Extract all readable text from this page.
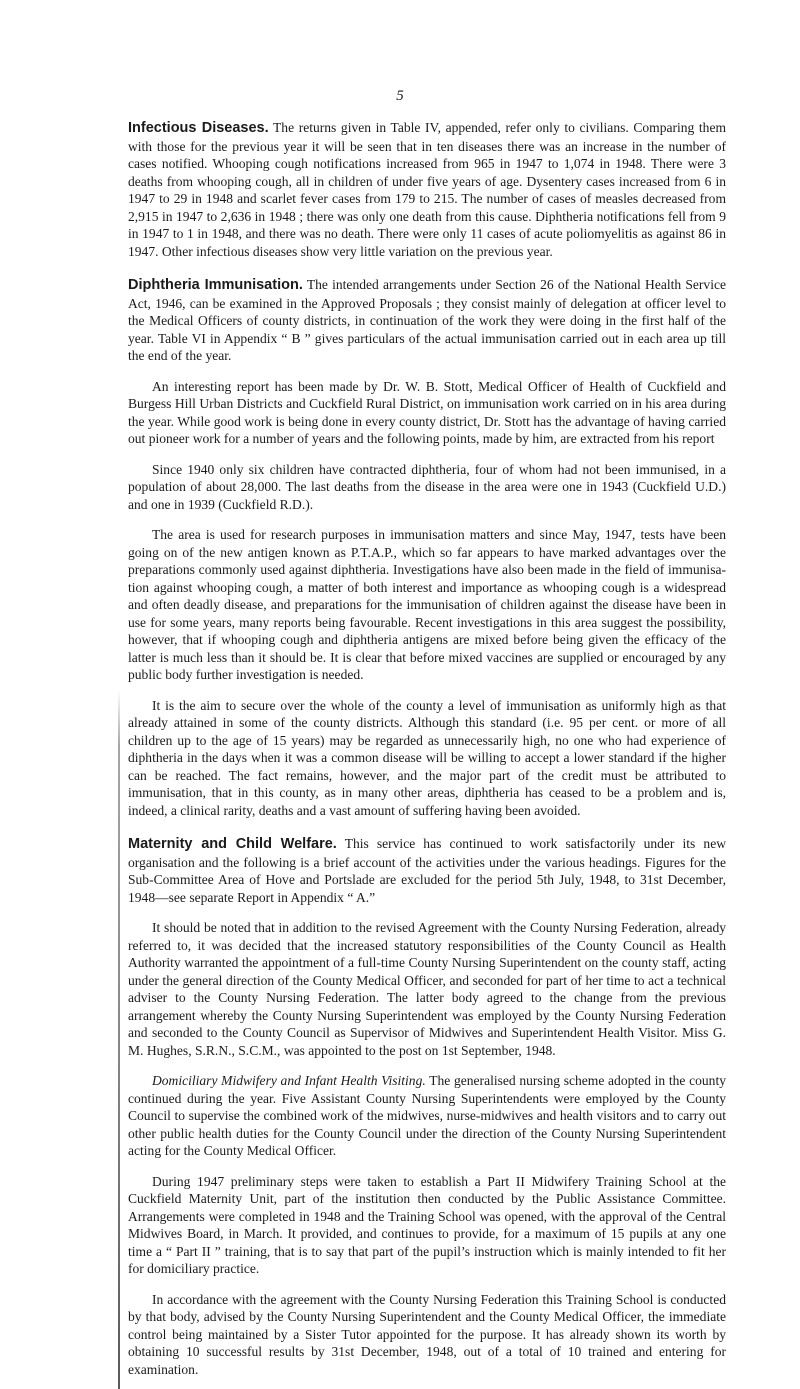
5

Infectious Diseases. The returns given in Table IV, appended, refer only to civilians. Comparing them with those for the previous year it will be seen that in ten diseases there was an increase in the number of cases notified. Whooping cough notifications increased from 965 in 1947 to 1,074 in 1948. There were 3 deaths from whooping cough, all in children of under five years of age. Dysentery cases increased from 6 in 1947 to 29 in 1948 and scarlet fever cases from 179 to 215. The number of cases of measles decreased from 2,915 in 1947 to 2,636 in 1948 ; there was only one death from this cause. Diphtheria notifications fell from 9 in 1947 to 1 in 1948, and there was no death. There were only 11 cases of acute poliomyelitis as against 86 in 1947. Other infectious diseases show very little variation on the previous year.

Diphtheria Immunisation. The intended arrangements under Section 26 of the National Health Service Act, 1946, can be examined in the Approved Proposals ; they consist mainly of delegation at officer level to the Medical Officers of county districts, in continuation of the work they were doing in the first half of the year. Table VI in Appendix “ B ” gives particulars of the actual immunisation carried out in each area up till the end of the year.

An interesting report has been made by Dr. W. B. Stott, Medical Officer of Health of Cuckfield and Burgess Hill Urban Districts and Cuckfield Rural District, on immunisation work carried on in his area during the year. While good work is being done in every county district, Dr. Stott has the advantage of having carried out pioneer work for a number of years and the following points, made by him, are extracted from his report

Since 1940 only six children have contracted diphtheria, four of whom had not been immunised, in a population of about 28,000. The last deaths from the disease in the area were one in 1943 (Cuckfield U.D.) and one in 1939 (Cuckfield R.D.).

The area is used for research purposes in immunisation matters and since May, 1947, tests have been going on of the new antigen known as P.T.A.P., which so far appears to have marked advantages over the preparations commonly used against diphtheria. Investigations have also been made in the field of immunisa- tion against whooping cough, a matter of both interest and importance as whooping cough is a widespread and often deadly disease, and preparations for the immunisation of children against the disease have been in use for some years, many reports being favourable. Recent investigations in this area suggest the possibility, however, that if whooping cough and diphtheria antigens are mixed before being given the efficacy of the latter is much less than it should be. It is clear that before mixed vaccines are supplied or encouraged by any public body further investigation is needed.

It is the aim to secure over the whole of the county a level of immunisation as uniformly high as that already attained in some of the county districts. Although this standard (i.e. 95 per cent. or more of all children up to the age of 15 years) may be regarded as unnecessarily high, no one who had experience of diphtheria in the days when it was a common disease will be willing to accept a lower standard if the higher can be reached. The fact remains, however, and the major part of the credit must be attributed to immunisation, that in this county, as in many other areas, diphtheria has ceased to be a problem and is, indeed, a clinical rarity, deaths and a vast amount of suffering having been avoided.

Maternity and Child Welfare. This service has continued to work satisfactorily under its new organisation and the following is a brief account of the activities under the various headings. Figures for the Sub-Committee Area of Hove and Portslade are excluded for the period 5th July, 1948, to 31st December, 1948—see separate Report in Appendix “ A.”

It should be noted that in addition to the revised Agreement with the County Nursing Federation, already referred to, it was decided that the increased statutory responsibilities of the County Council as Health Authority warranted the appointment of a full-time County Nursing Superintendent on the county staff, acting under the general direction of the County Medical Officer, and seconded for part of her time to act a technical adviser to the County Nursing Federation. The latter body agreed to the change from the previous arrangement whereby the County Nursing Superintendent was employed by the County Nursing Federation and seconded to the County Council as Supervisor of Midwives and Superintendent Health Visitor. Miss G. M. Hughes, S.R.N., S.C.M., was appointed to the post on 1st September, 1948.

Domiciliary Midwifery and Infant Health Visiting. The generalised nursing scheme adopted in the county continued during the year. Five Assistant County Nursing Superintendents were employed by the County Council to supervise the combined work of the midwives, nurse-midwives and health visitors and to carry out other public health duties for the County Council under the direction of the County Nursing Superintendent acting for the County Medical Officer.

During 1947 preliminary steps were taken to establish a Part II Midwifery Training School at the Cuckfield Maternity Unit, part of the institution then conducted by the Public Assistance Committee. Arrangements were completed in 1948 and the Training School was opened, with the approval of the Central Midwives Board, in March. It provided, and continues to provide, for a maximum of 15 pupils at any one time a “ Part II ” training, that is to say that part of the pupil’s instruction which is mainly intended to fit her for domiciliary practice.

In accordance with the agreement with the County Nursing Federation this Training School is conducted by that body, advised by the County Nursing Superintendent and the County Medical Officer, the immediate control being maintained by a Sister Tutor appointed for the purpose. It has already shown its worth by obtaining 10 successful results by 31st December, 1948, out of a total of 10 trained and entering for examination.
